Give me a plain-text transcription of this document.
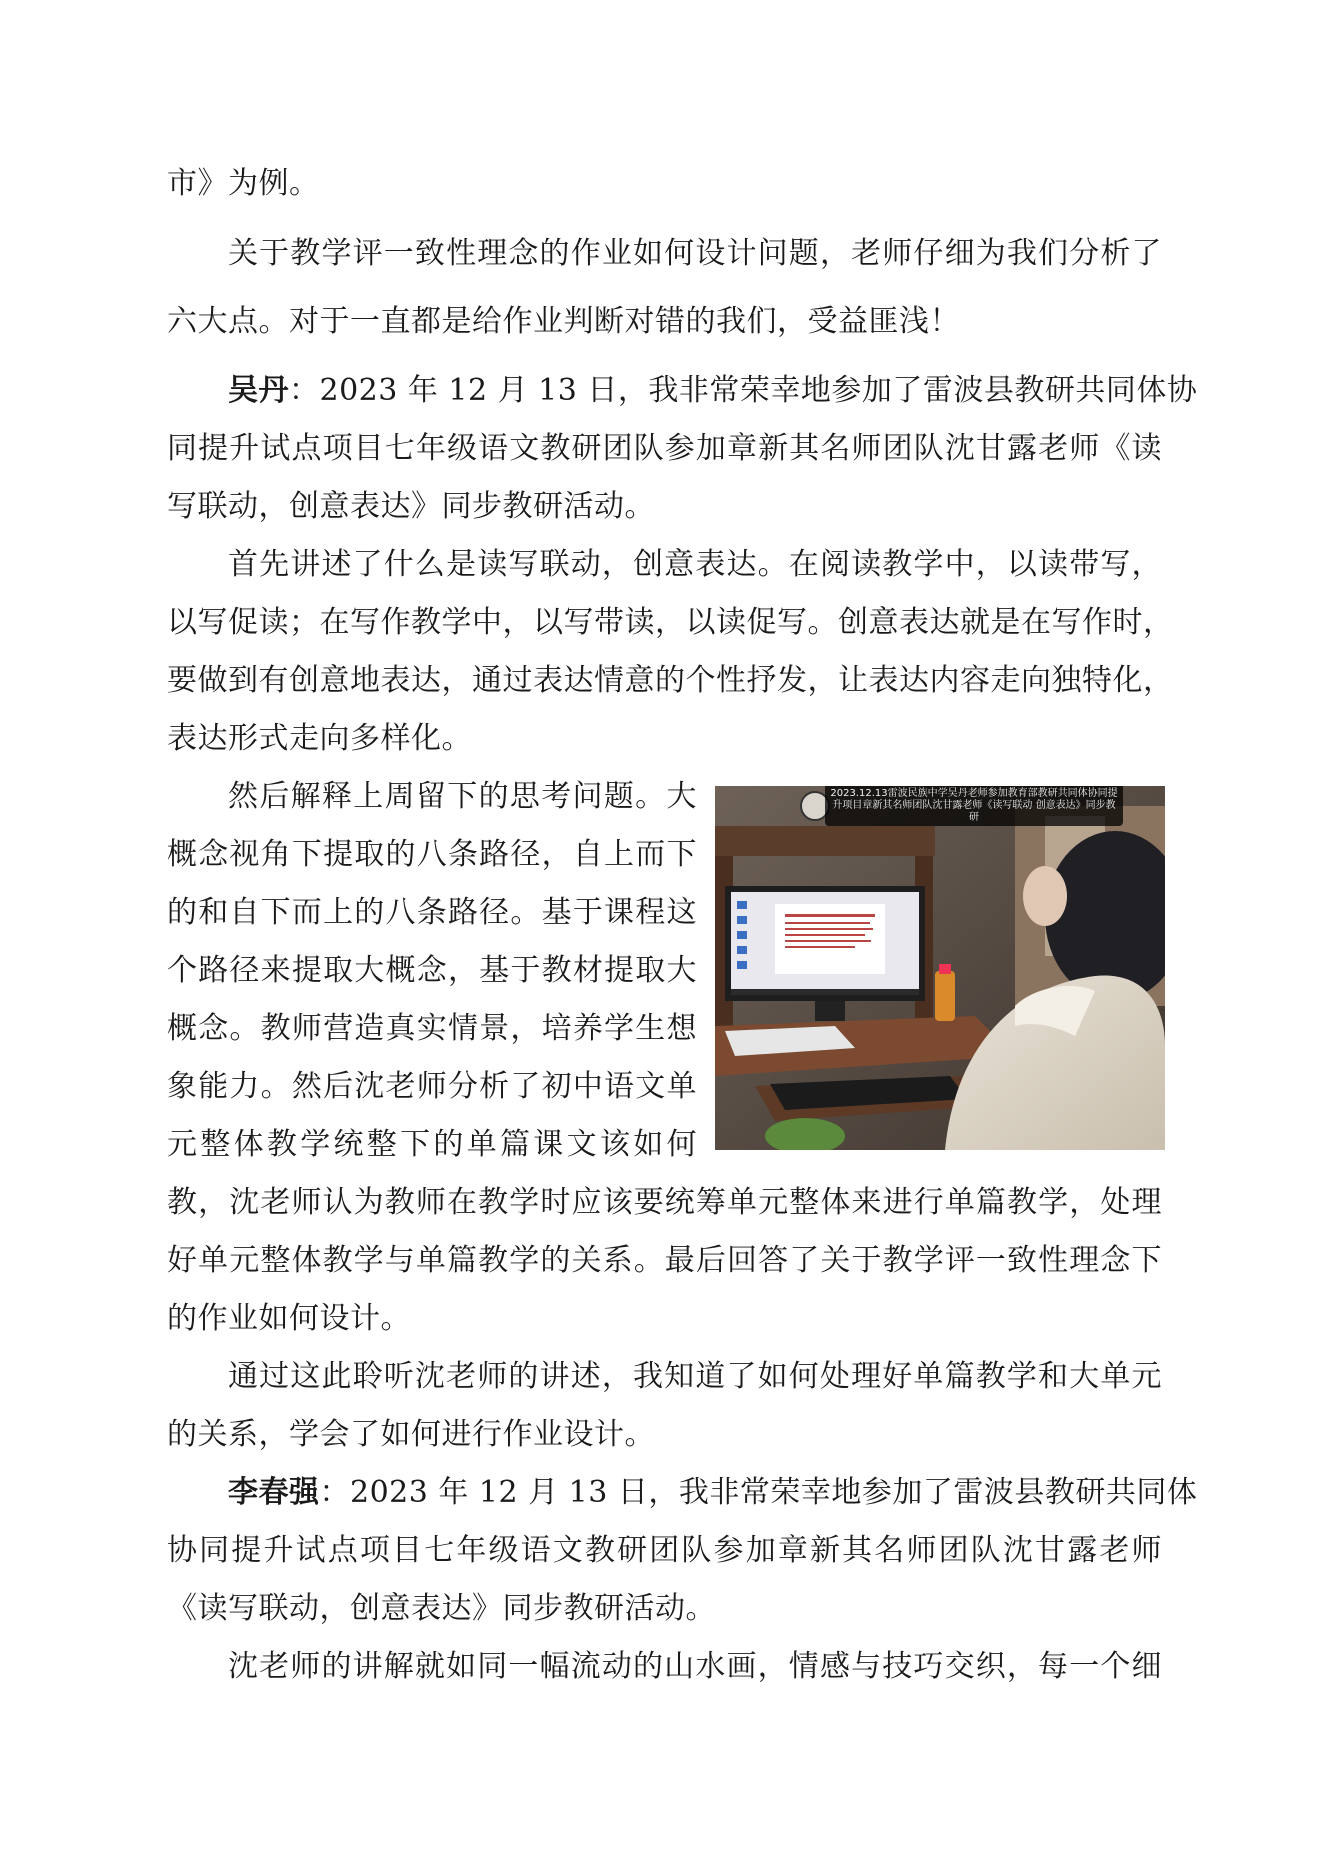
市》为例。
关于教学评一致性理念的作业如何设计问题，老师仔细为我们分析了
六大点。对于一直都是给作业判断对错的我们，受益匪浅！
吴丹：2023 年 12 月 13 日，我非常荣幸地参加了雷波县教研共同体协
同提升试点项目七年级语文教研团队参加章新其名师团队沈甘露老师《读
写联动，创意表达》同步教研活动。
首先讲述了什么是读写联动，创意表达。在阅读教学中，以读带写，
以写促读；在写作教学中，以写带读，以读促写。创意表达就是在写作时，
要做到有创意地表达，通过表达情意的个性抒发，让表达内容走向独特化，
表达形式走向多样化。
然后解释上周留下的思考问题。大
概念视角下提取的八条路径，自上而下
的和自下而上的八条路径。基于课程这
个路径来提取大概念，基于教材提取大
概念。教师营造真实情景，培养学生想
象能力。然后沈老师分析了初中语文单
元整体教学统整下的单篇课文该如何
教，沈老师认为教师在教学时应该要统筹单元整体来进行单篇教学，处理
好单元整体教学与单篇教学的关系。最后回答了关于教学评一致性理念下
的作业如何设计。
通过这此聆听沈老师的讲述，我知道了如何处理好单篇教学和大单元
的关系，学会了如何进行作业设计。
李春强：2023 年 12 月 13 日，我非常荣幸地参加了雷波县教研共同体
协同提升试点项目七年级语文教研团队参加章新其名师团队沈甘露老师
《读写联动，创意表达》同步教研活动。
沈老师的讲解就如同一幅流动的山水画，情感与技巧交织，每一个细
2023.12.13雷波民族中学吴丹老师参加教育部教研共同体协同提升项目章新其名师团队沈甘露老师《读写联动 创意表达》同步教研
